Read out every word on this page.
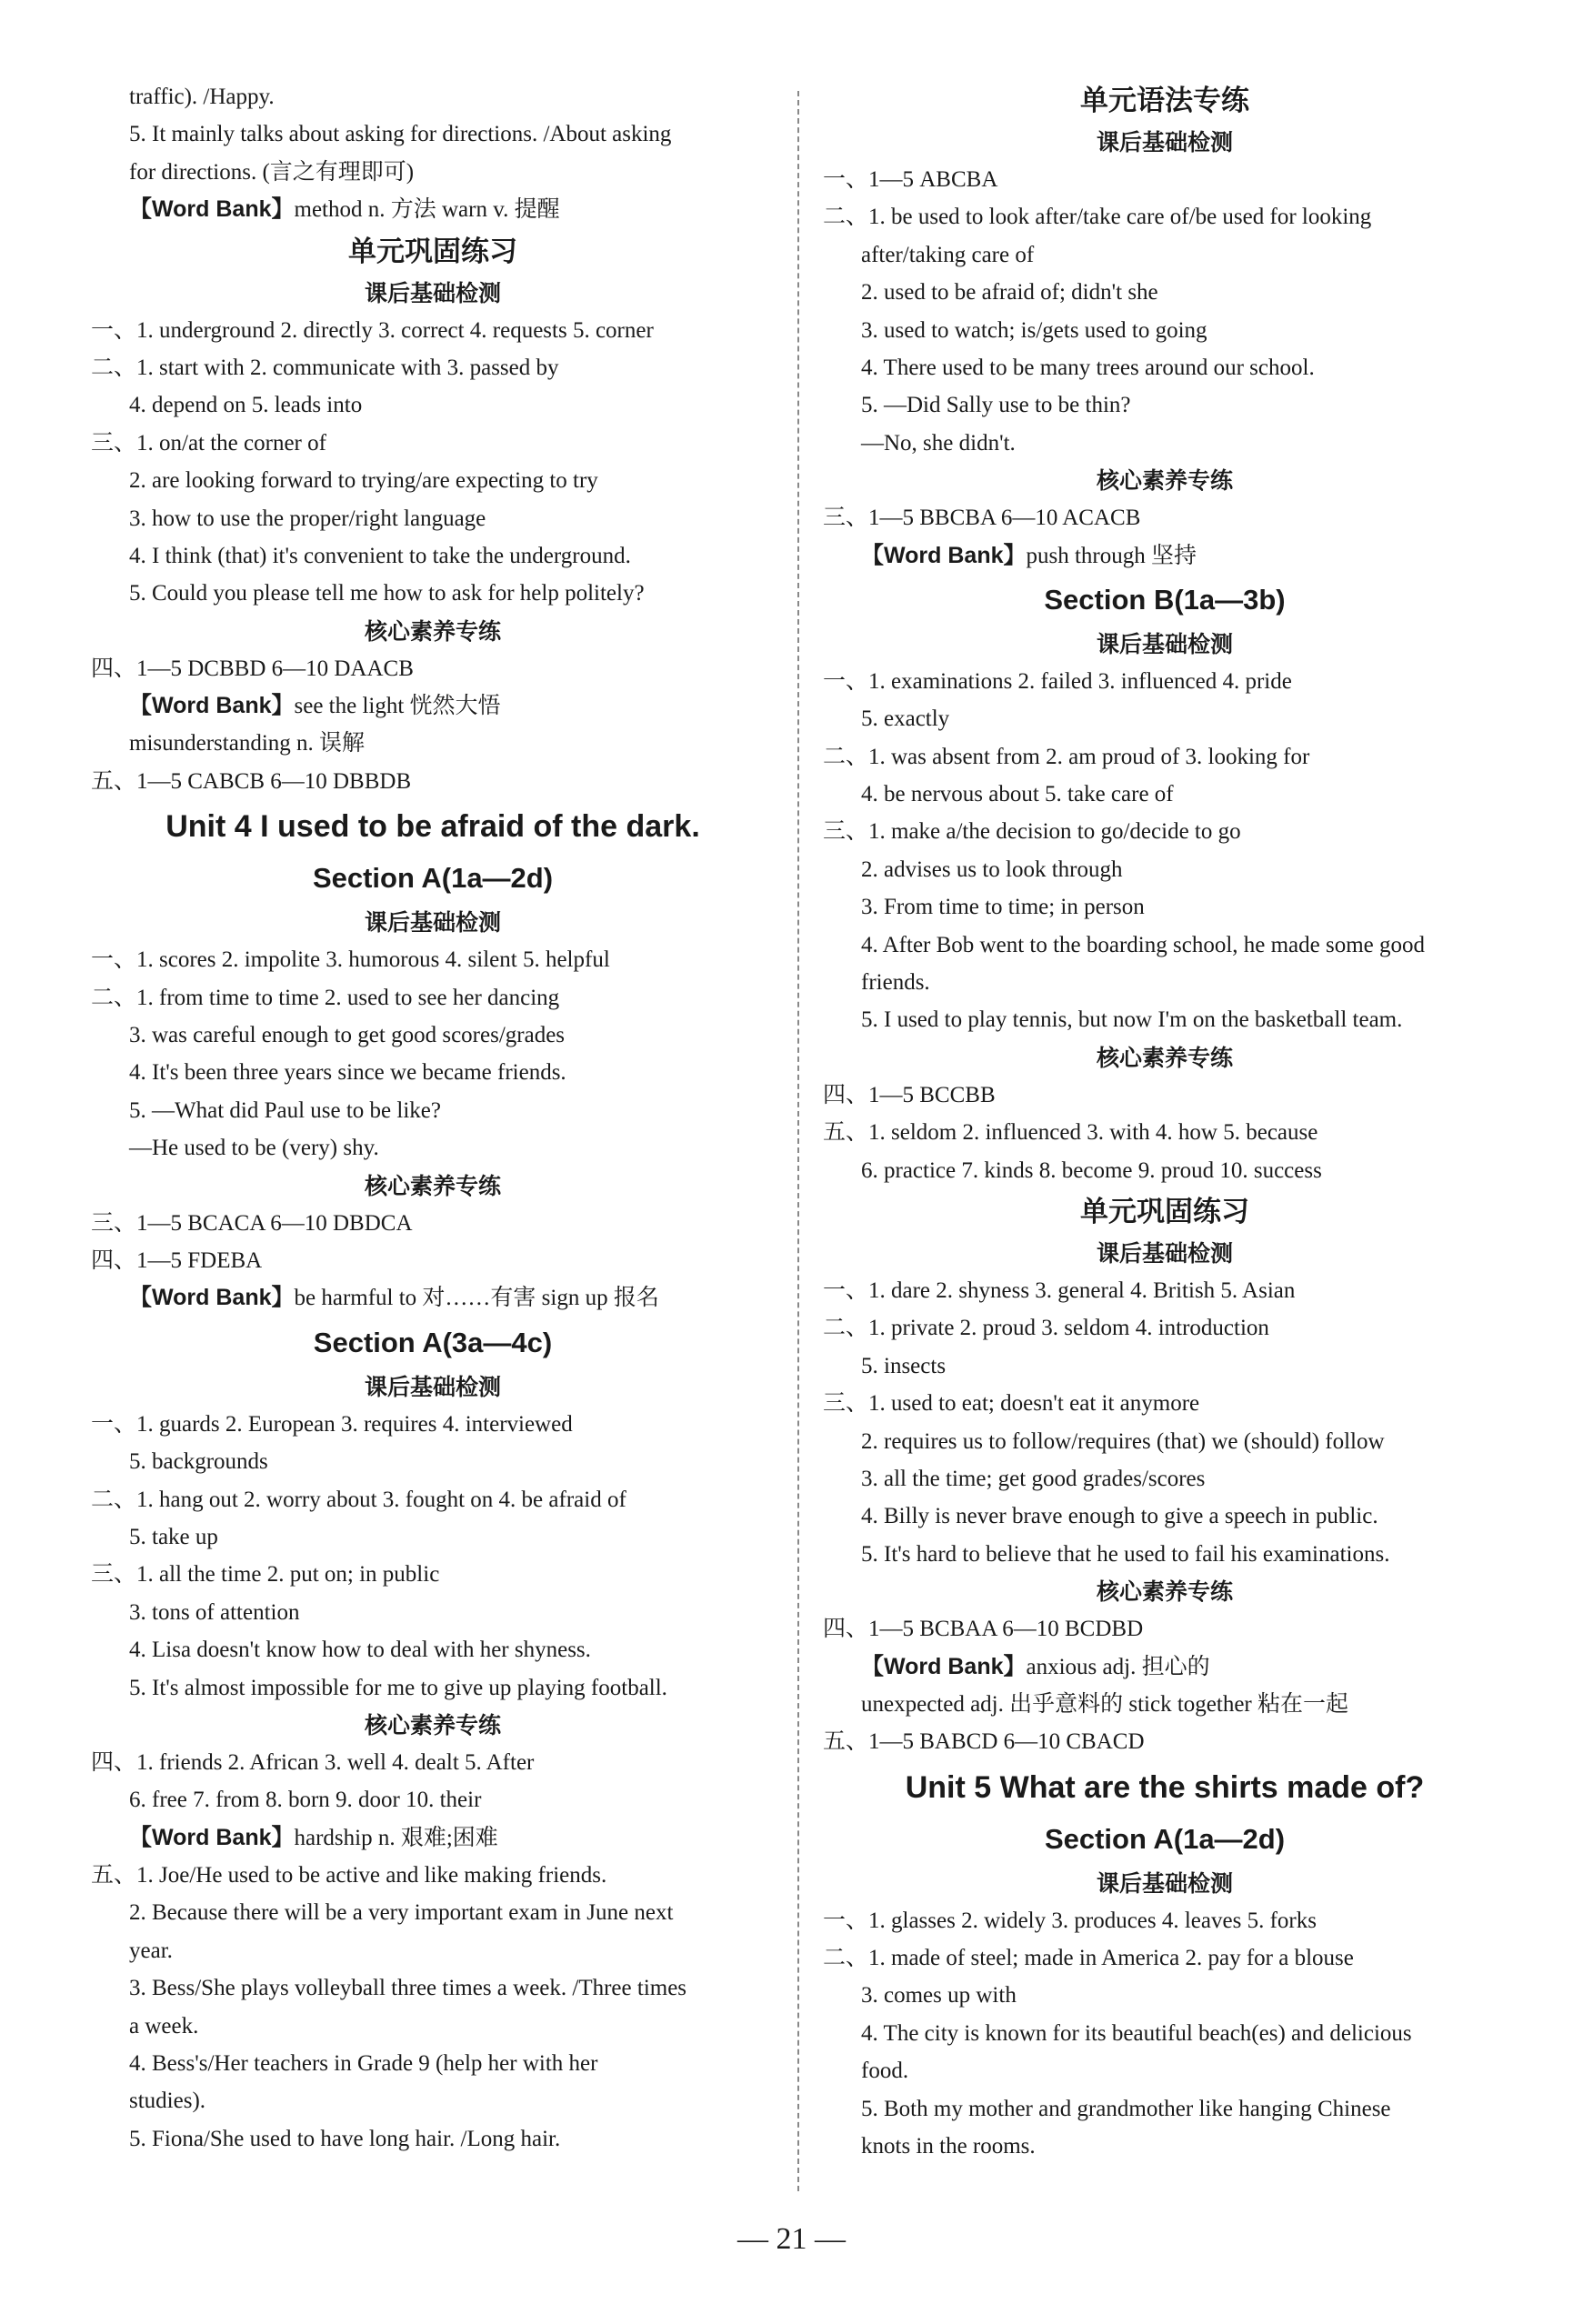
traffic). /Happy.
5. It mainly talks about asking for directions. /About asking
for directions. (言之有理即可)
【Word Bank】method n. 方法 warn v. 提醒
单元巩固练习
课后基础检测
一、1. underground 2. directly 3. correct 4. requests 5. corner
二、1. start with 2. communicate with 3. passed by
4. depend on 5. leads into
三、1. on/at the corner of
2. are looking forward to trying/are expecting to try
3. how to use the proper/right language
4. I think (that) it's convenient to take the underground.
5. Could you please tell me how to ask for help politely?
核心素养专练
四、1—5 DCBBD 6—10 DAACB
【Word Bank】see the light 恍然大悟
misunderstanding n. 误解
五、1—5 CABCB 6—10 DBBDB
Unit 4 I used to be afraid of the dark.
Section A(1a—2d)
课后基础检测
一、1. scores 2. impolite 3. humorous 4. silent 5. helpful
二、1. from time to time 2. used to see her dancing
3. was careful enough to get good scores/grades
4. It's been three years since we became friends.
5. —What did Paul use to be like?
—He used to be (very) shy.
核心素养专练
三、1—5 BCACA 6—10 DBDCA
四、1—5 FDEBA
【Word Bank】be harmful to 对……有害 sign up 报名
Section A(3a—4c)
课后基础检测
一、1. guards 2. European 3. requires 4. interviewed
5. backgrounds
二、1. hang out 2. worry about 3. fought on 4. be afraid of
5. take up
三、1. all the time 2. put on; in public
3. tons of attention
4. Lisa doesn't know how to deal with her shyness.
5. It's almost impossible for me to give up playing football.
核心素养专练
四、1. friends 2. African 3. well 4. dealt 5. After
6. free 7. from 8. born 9. door 10. their
【Word Bank】hardship n. 艰难;困难
五、1. Joe/He used to be active and like making friends.
2. Because there will be a very important exam in June next
year.
3. Bess/She plays volleyball three times a week. /Three times
a week.
4. Bess's/Her teachers in Grade 9 (help her with her
studies).
5. Fiona/She used to have long hair. /Long hair.
单元语法专练
课后基础检测
一、1—5 ABCBA
二、1. be used to look after/take care of/be used for looking
after/taking care of
2. used to be afraid of; didn't she
3. used to watch; is/gets used to going
4. There used to be many trees around our school.
5. —Did Sally use to be thin?
—No, she didn't.
核心素养专练
三、1—5 BBCBA 6—10 ACACB
【Word Bank】push through 坚持
Section B(1a—3b)
课后基础检测
一、1. examinations 2. failed 3. influenced 4. pride
5. exactly
二、1. was absent from 2. am proud of 3. looking for
4. be nervous about 5. take care of
三、1. make a/the decision to go/decide to go
2. advises us to look through
3. From time to time; in person
4. After Bob went to the boarding school, he made some good
friends.
5. I used to play tennis, but now I'm on the basketball team.
核心素养专练
四、1—5 BCCBB
五、1. seldom 2. influenced 3. with 4. how 5. because
6. practice 7. kinds 8. become 9. proud 10. success
单元巩固练习
课后基础检测
一、1. dare 2. shyness 3. general 4. British 5. Asian
二、1. private 2. proud 3. seldom 4. introduction
5. insects
三、1. used to eat; doesn't eat it anymore
2. requires us to follow/requires (that) we (should) follow
3. all the time; get good grades/scores
4. Billy is never brave enough to give a speech in public.
5. It's hard to believe that he used to fail his examinations.
核心素养专练
四、1—5 BCBAA 6—10 BCDBD
【Word Bank】anxious adj. 担心的
unexpected adj. 出乎意料的 stick together 粘在一起
五、1—5 BABCD 6—10 CBACD
Unit 5 What are the shirts made of?
Section A(1a—2d)
课后基础检测
一、1. glasses 2. widely 3. produces 4. leaves 5. forks
二、1. made of steel; made in America 2. pay for a blouse
3. comes up with
4. The city is known for its beautiful beach(es) and delicious
food.
5. Both my mother and grandmother like hanging Chinese
knots in the rooms.
— 21 —
